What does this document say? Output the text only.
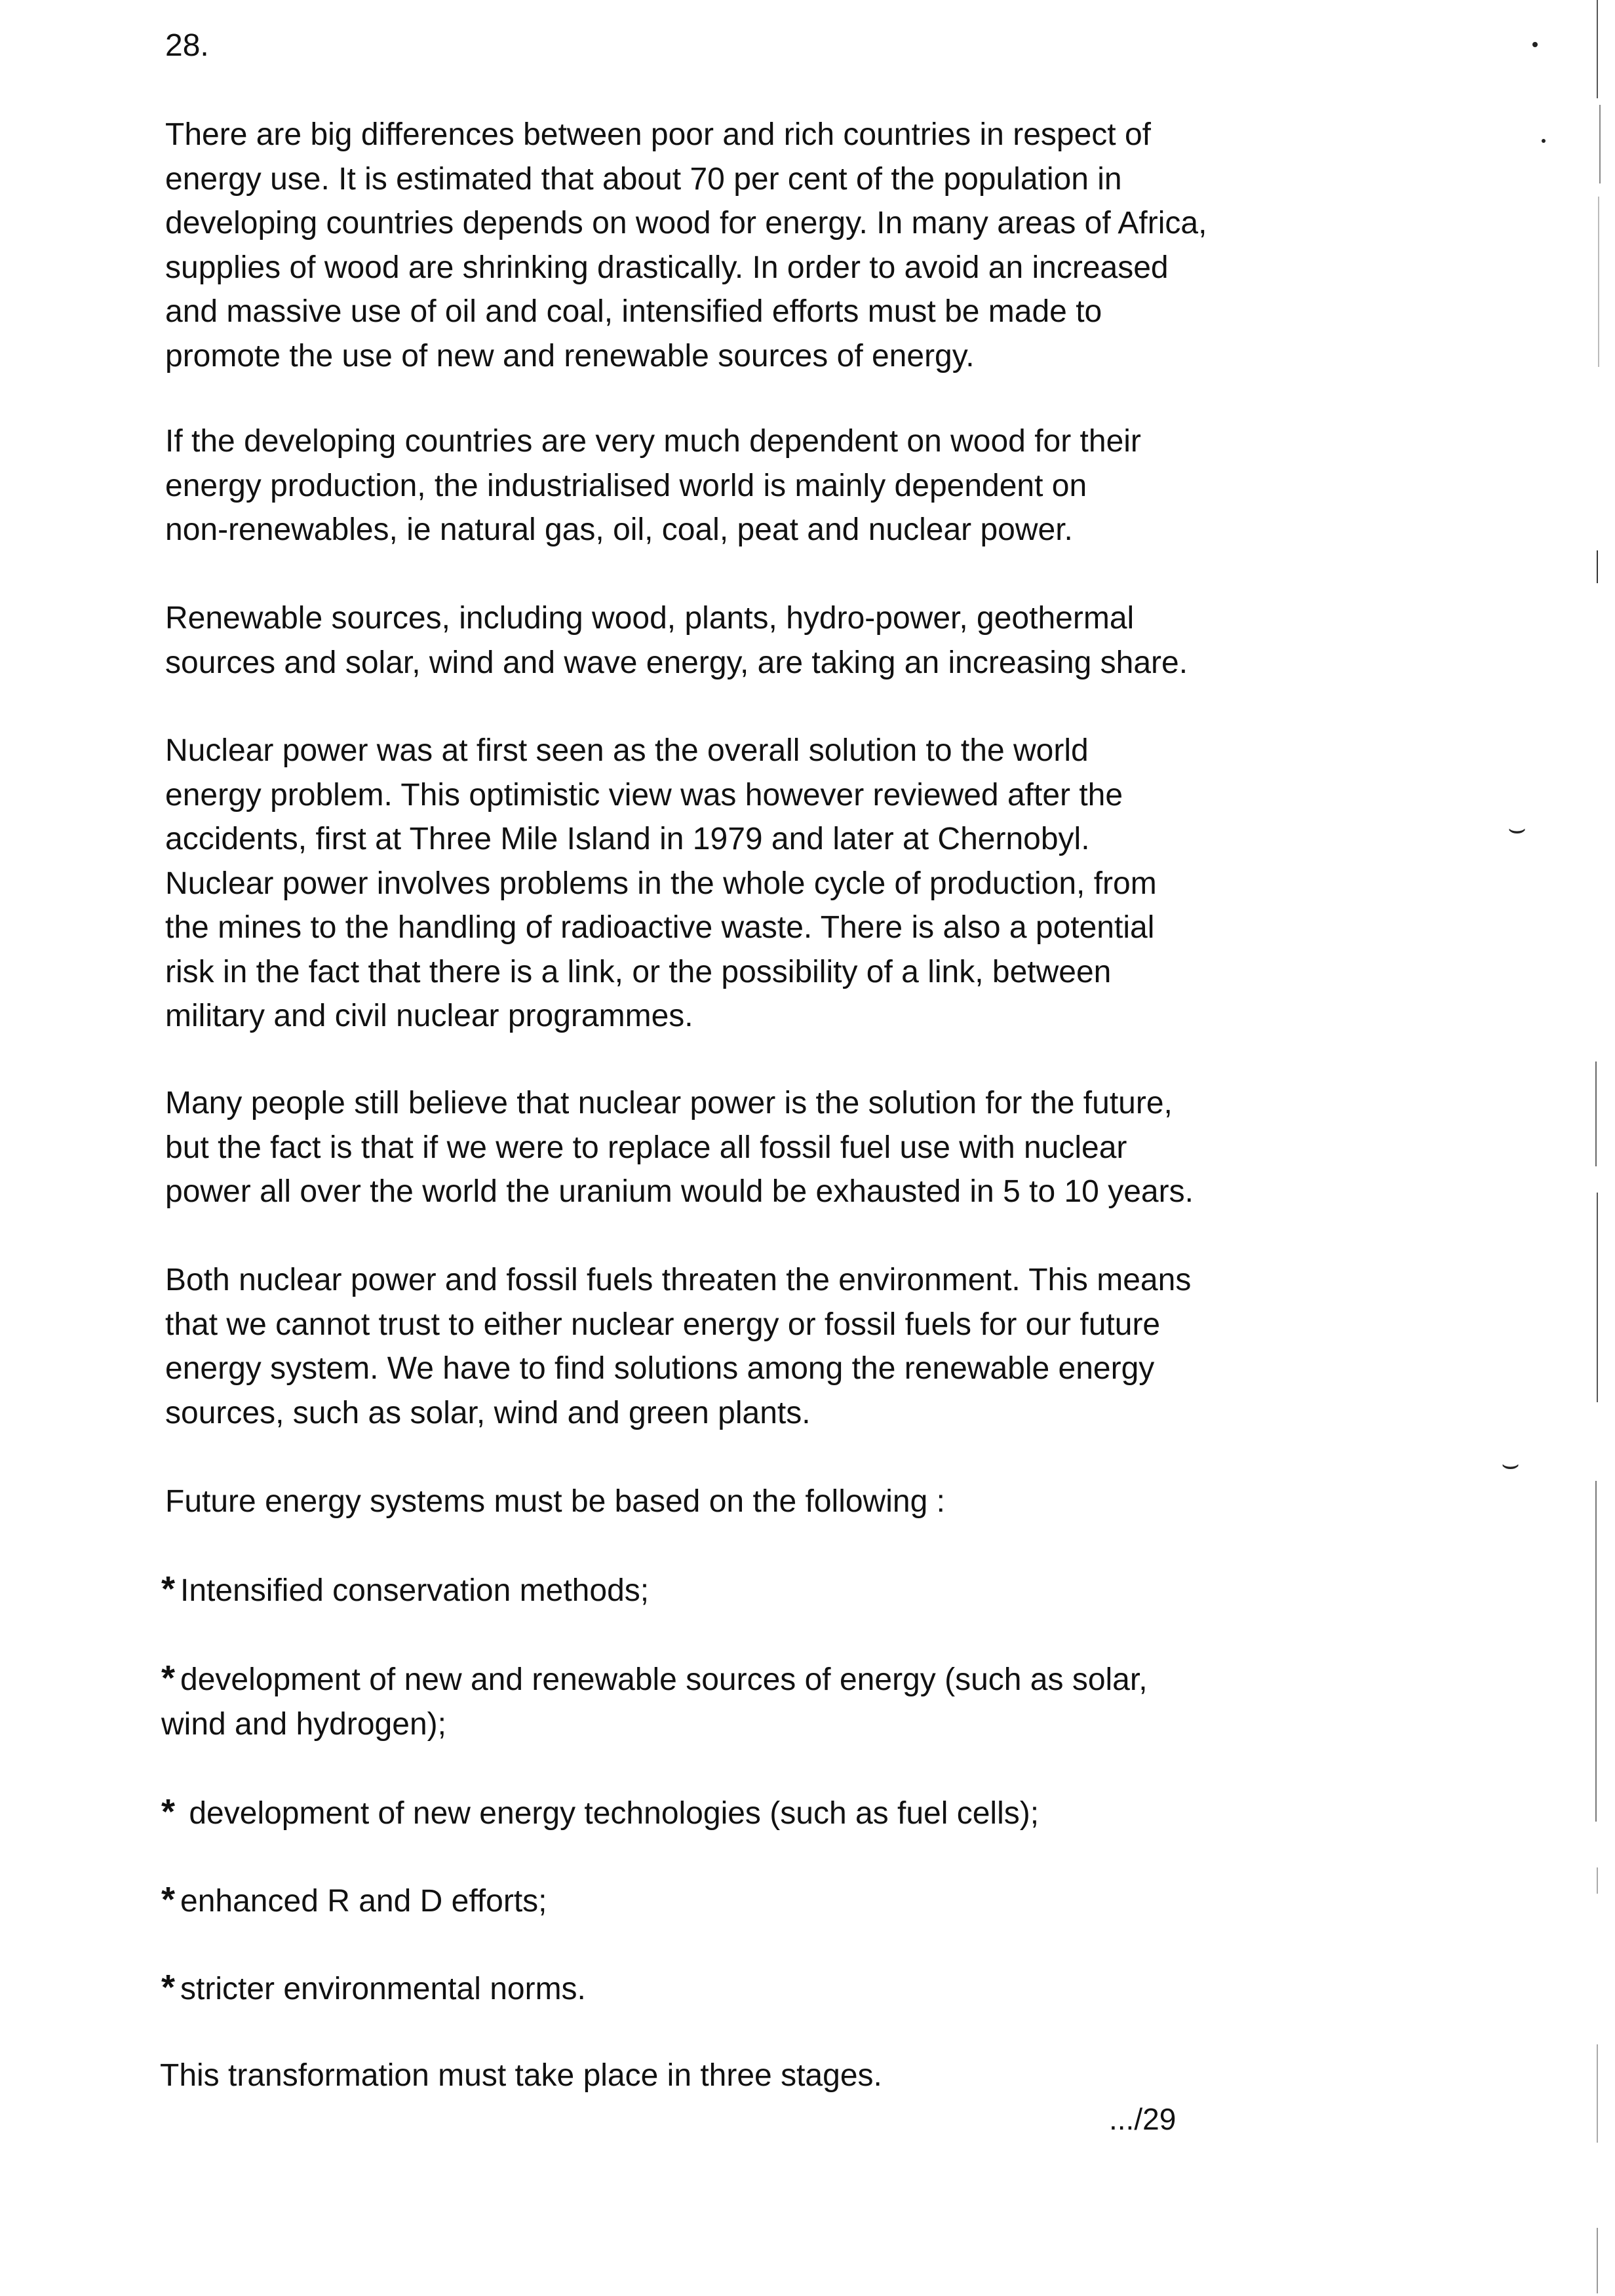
28.
There are big differences between poor and rich countries in respect of
energy use. It is estimated that about 70 per cent of the population in
developing countries depends on wood for energy. In many areas of Africa,
supplies of wood are shrinking drastically. In order to avoid an increased
and massive use of oil and coal, intensified efforts must be made to
promote the use of new and renewable sources of energy.
If the developing countries are very much dependent on wood for their
energy production, the industrialised world is mainly dependent on
non-renewables, ie natural gas, oil, coal, peat and nuclear power.
Renewable sources, including wood, plants, hydro-power, geothermal
sources and solar, wind and wave energy, are taking an increasing share.
Nuclear power was at first seen as the overall solution to the world
energy problem. This optimistic view was however reviewed after the
accidents, first at Three Mile Island in 1979 and later at Chernobyl.
Nuclear power involves problems in the whole cycle of production, from
the mines to the handling of radioactive waste. There is also a potential
risk in the fact that there is a link, or the possibility of a link, between
military and civil nuclear programmes.
Many people still believe that nuclear power is the solution for the future,
but the fact is that if we were to replace all fossil fuel use with nuclear
power all over the world the uranium would be exhausted in 5 to 10 years.
Both nuclear power and fossil fuels threaten the environment. This means
that we cannot trust to either nuclear energy or fossil fuels for our future
energy system. We have to find solutions among the renewable energy
sources, such as solar, wind and green plants.
Future energy systems must be based on the following :
* Intensified conservation methods;
* development of new and renewable sources of energy (such as solar,
wind and hydrogen);
* development of new energy technologies (such as fuel cells);
* enhanced R and D efforts;
* stricter environmental norms.
This transformation must take place in three stages.
.../29
⌣
⌣
